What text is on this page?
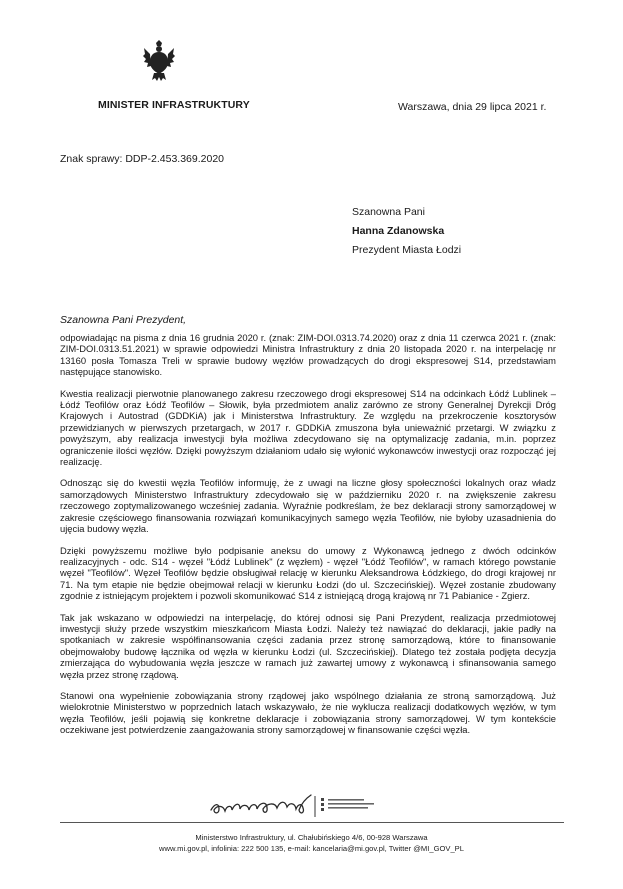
MINISTER INFRASTRUKTURY	Warszawa, dnia 29 lipca 2021 r.
Znak sprawy: DDP-2.453.369.2020
Szanowna Pani
Hanna Zdanowska
Prezydent Miasta Łodzi
Szanowna Pani Prezydent,

odpowiadając na pisma z dnia 16 grudnia 2020 r. (znak: ZIM-DOI.0313.74.2020) oraz z dnia 11 czerwca 2021 r. (znak: ZIM-DOI.0313.51.2021) w sprawie odpowiedzi Ministra Infrastruktury z dnia 20 listopada 2020 r. na interpelację nr 13160 posła Tomasza Trelі w sprawie budowy węzłów prowadzących do drogi ekspresowej S14, przedstawiam następujące stanowisko.

Kwestia realizacji pierwotnie planowanego zakresu rzeczowego drogi ekspresowej S14 na odcinkach Łódź Lublinek – Łódź Teofilów oraz Łódź Teofilów – Słowik, była przedmiotem analiz zarówno ze strony Generalnej Dyrekcji Dróg Krajowych i Autostrad (GDDKiA) jak i Ministerstwa Infrastruktury. Ze względu na przekroczenie kosztorysów przewidzianych w pierwszych przetargach, w 2017 r. GDDKiA zmuszona była unieważnić przetargi. W związku z powyższym, aby realizacja inwestycji była możliwa zdecydowano się na optymalizację zadania, m.in. poprzez ograniczenie ilości węzłów. Dzięki powyższym działaniom udało się wyłonić wykonawców inwestycji oraz rozpocząć jej realizację.

Odnosząc się do kwestii węzła Teofilów informuję, że z uwagi na liczne głosy społeczności lokalnych oraz władz samorządowych Ministerstwo Infrastruktury zdecydowało się w październiku 2020 r. na zwiększenie zakresu rzeczowego zoptymalizowanego wcześniej zadania. Wyraźnie podkreślam, że bez deklaracji strony samorządowej w zakresie częściowego finansowania rozwiązań komunikacyjnych samego węzła Teofilów, nie byłoby uzasadnienia do ujęcia budowy węzła.

Dzięki powyższemu możliwe było podpisanie aneksu do umowy z Wykonawcą jednego z dwóch odcinków realizacyjnych - odc. S14 - węzeł "Łódź Lublinek" (z węzłem) - węzeł "Łódź Teofilów", w ramach którego powstanie węzeł "Teofilów". Węzeł Teofilów będzie obsługiwał relację w kierunku Aleksandrowa Łódzkiego, do drogi krajowej nr 71. Na tym etapie nie będzie obejmował relacji w kierunku Łodzi (do ul. Szczecińskiej). Węzeł zostanie zbudowany zgodnie z istniejącym projektem i pozwoli skomunikować S14 z istniejącą drogą krajową nr 71 Pabianice - Zgierz.

Tak jak wskazano w odpowiedzi na interpelację, do której odnosi się Pani Prezydent, realizacja przedmiotowej inwestycji służy przede wszystkim mieszkańcom Miasta Łodzi. Należy też nawiązać do deklaracji, jakie padły na spotkaniach w zakresie współfinansowania części zadania przez stronę samorządową, które to finansowanie obejmowałoby budowę łącznika od węzła w kierunku Łodzi (ul. Szczecińskiej). Dlatego też została podjęta decyzja zmierzająca do wybudowania węzła jeszcze w ramach już zawartej umowy z wykonawcą i sfinansowania samego węzła przez stronę rządową.

Stanowi ona wypełnienie zobowiązania strony rządowej jako wspólnego działania ze stroną samorządową. Już wielokrotnie Ministerstwo w poprzednich latach wskazywało, że nie wyklucza realizacji dodatkowych węzłów, w tym węzła Teofilów, jeśli pojawią się konkretne deklaracje i zobowiązania strony samorządowej. W tym kontekście oczekiwane jest potwierdzenie zaangażowania strony samorządowej w finansowanie części węzła.

Ministerstwo Infrastruktury, ul. Chałubińskiego 4/6, 00-928 Warszawa
www.mi.gov.pl, infolinia: 222 500 135, e-mail: kancelaria@mi.gov.pl, Twitter @MI_GOV_PL
